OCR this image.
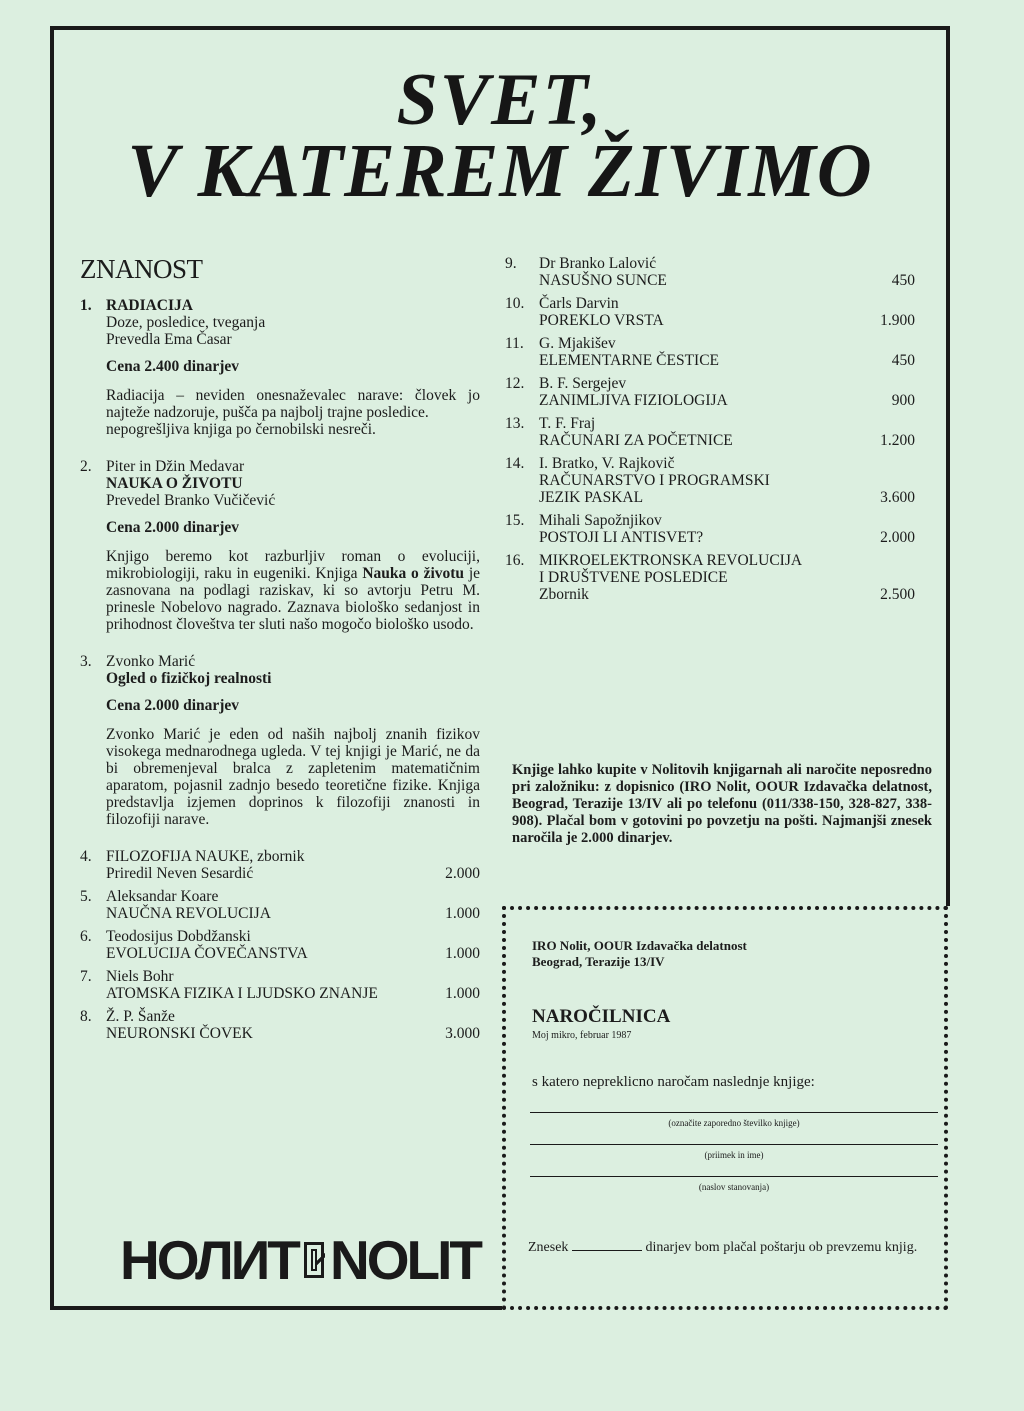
SVET,
V KATEREM ŽIVIMO
ZNANOST
1. RADIACIJA
Doze, posledice, tveganja
Prevedla Ema Časar
Cena 2.400 dinarjev
Radiacija – neviden onesnaževalec narave: človek jo najteže nadzoruje, pušča pa najbolj trajne posledice.
nepogrešljiva knjiga po černobilski nesreči.
2. Piter in Džin Medavar
NAUKA O ŽIVOTU
Prevedel Branko Vučičević
Cena 2.000 dinarjev
Knjigo beremo kot razburljiv roman o evoluciji, mikrobiologiji, raku in eugeniki. Knjiga Nauka o životu je zasnovana na podlagi raziskav, ki so avtorju Petru M. prinesle Nobelovo nagrado. Zaznava biološko sedanjost in prihodnost človeštva ter sluti našo mogočo biološko usodo.
3. Zvonko Marić
Ogled o fizičkoj realnosti
Cena 2.000 dinarjev
Zvonko Marić je eden od naših najbolj znanih fizikov visokega mednarodnega ugleda. V tej knjigi je Marić, ne da bi obremenjeval bralca z zapletenim matematičnim aparatom, pojasnil zadnjo besedo teoretične fizike. Knjiga predstavlja izjemen doprinos k filozofiji znanosti in filozofiji narave.
4. FILOZOFIJA NAUKE, zbornik
Priredil Neven Sesardić	2.000
5. Aleksandar Koare
NAUČNA REVOLUCIJA	1.000
6. Teodosijus Dobdžanski
EVOLUCIJA ČOVEČANSTVA	1.000
7. Niels Bohr
ATOMSKA FIZIKA I LJUDSKO ZNANJE	1.000
8. Ž. P. Šanže
NEURONSKI ČOVEK	3.000
9. Dr Branko Lalović
NASUŠNO SUNCE	450
10. Čarls Darvin
POREKLO VRSTA	1.900
11. G. Mjakišev
ELEMENTARNE ČESTICE	450
12. B. F. Sergejev
ZANIMLJIVA FIZIOLOGIJA	900
13. T. F. Fraj
RAČUNARI ZA POČETNICE	1.200
14. I. Bratko, V. Rajkovič
RAČUNARSTVO I PROGRAMSKI
JEZIK PASKAL	3.600
15. Mihali Sapožnjikov
POSTOJI LI ANTISVET?	2.000
16. MIKROELEKTRONSKA REVOLUCIJA
I DRUŠTVENE POSLEDICE
Zbornik	2.500
Knjige lahko kupite v Nolitovih knjigarnah ali naročite neposredno pri založniku: z dopisnico (IRO Nolit, OOUR Izdavačka delatnost, Beograd, Terazije 13/IV ali po telefonu (011/338-150, 328-827, 338-908). Plačal bom v gotovini po povzetju na pošti. Najmanjši znesek naročila je 2.000 dinarjev.
IRO Nolit, OOUR Izdavačka delatnost
Beograd, Terazije 13/IV
NAROČILNICA
Moj mikro, februar 1987
s katero nepreklicno naročam naslednje knjige:
(označite zaporedno številko knjige)
(priimek in ime)
(naslov stanovanja)
Znesek	dinarjev bom plačal poštarju ob prevzemu knjig.
НОЛИТ NOLIT
